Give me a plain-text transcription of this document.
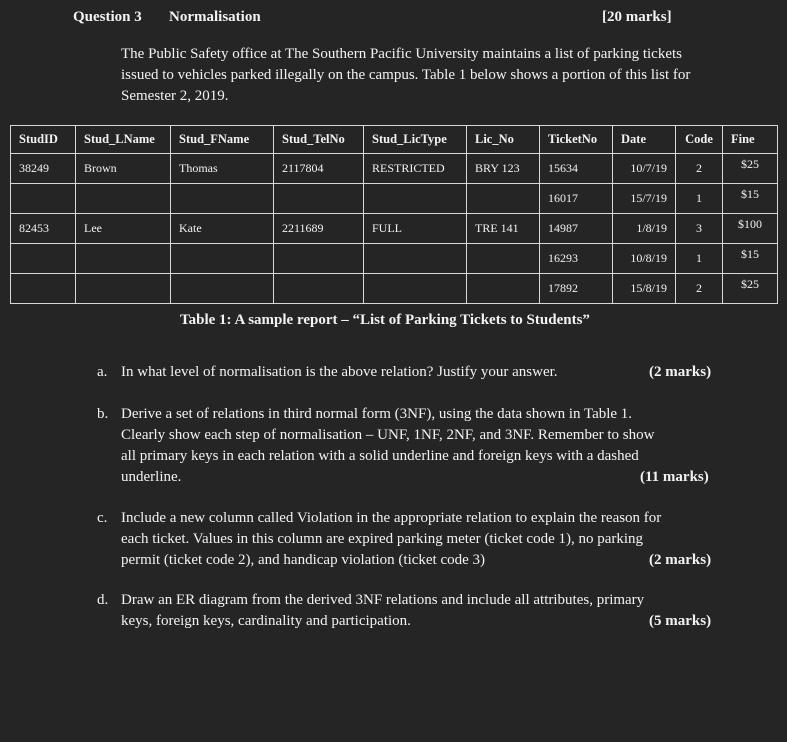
Question 3 Normalisation	[20 marks]
The Public Safety office at The Southern Pacific University maintains a list of parking tickets issued to vehicles parked illegally on the campus. Table 1 below shows a portion of this list for Semester 2, 2019.
StudID	Stud_LName	Stud_FName	Stud_TelNo	Stud_LicType	Lic_No	TicketNo	Date	Code	Fine
38249	Brown	Thomas	2117804	RESTRICTED	BRY 123	15634	10/7/19	2	$25
						16017	15/7/19	1	$15
82453	Lee	Kate	2211689	FULL	TRE 141	14987	1/8/19	3	$100
						16293	10/8/19	1	$15
						17892	15/8/19	2	$25
Table 1: A sample report – “List of Parking Tickets to Students”
a. In what level of normalisation is the above relation? Justify your answer.	(2 marks)
b. Derive a set of relations in third normal form (3NF), using the data shown in Table 1.
Clearly show each step of normalisation – UNF, 1NF, 2NF, and 3NF. Remember to show
all primary keys in each relation with a solid underline and foreign keys with a dashed
underline.	(11 marks)
c. Include a new column called Violation in the appropriate relation to explain the reason for
each ticket. Values in this column are expired parking meter (ticket code 1), no parking
permit (ticket code 2), and handicap violation (ticket code 3)	(2 marks)
d. Draw an ER diagram from the derived 3NF relations and include all attributes, primary
keys, foreign keys, cardinality and participation.	(5 marks)
